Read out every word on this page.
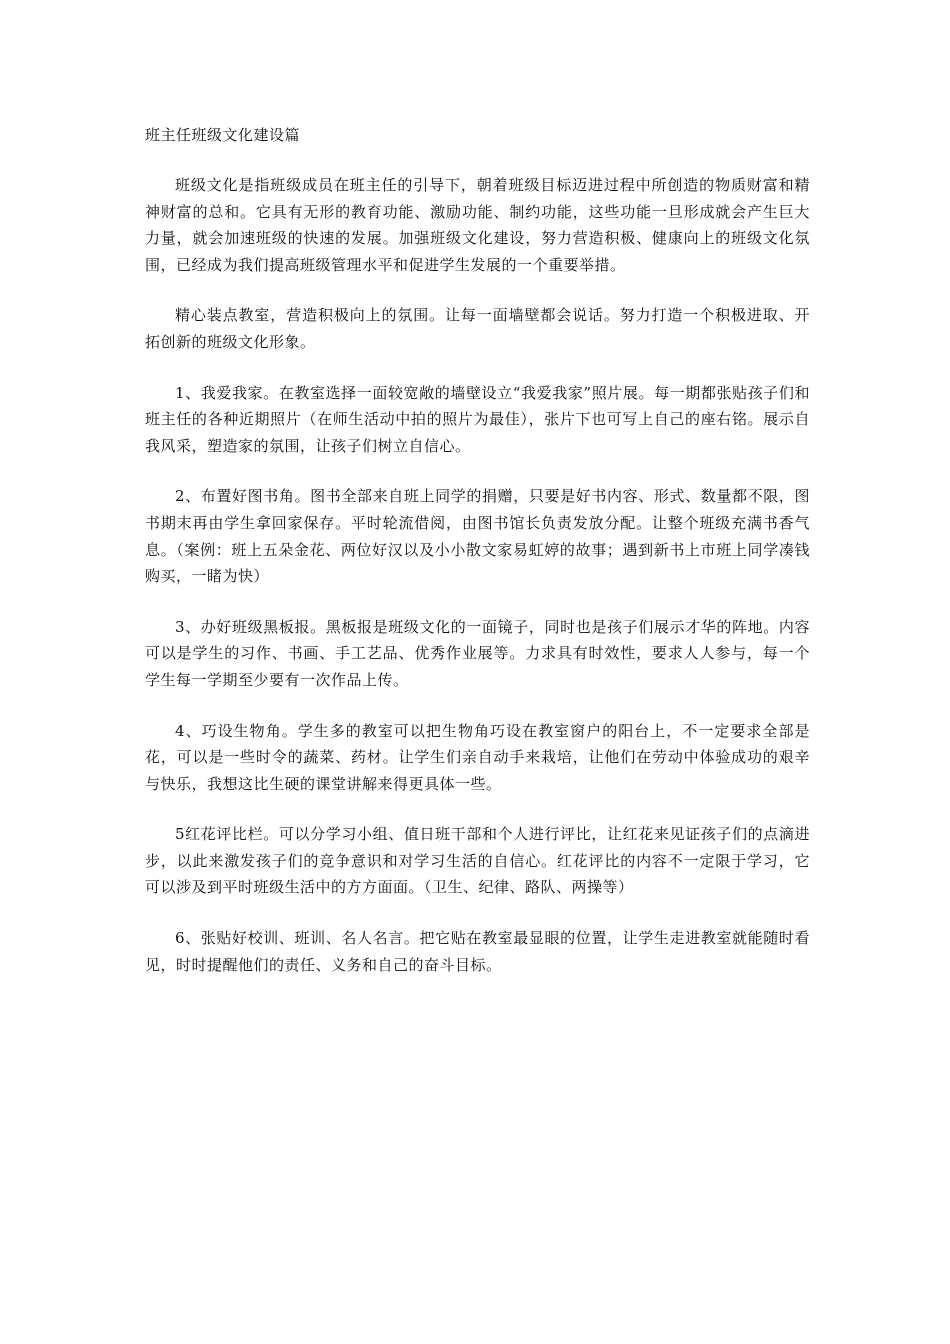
班主任班级文化建设篇

班级文化是指班级成员在班主任的引导下，朝着班级目标迈进过程中所创造的物质财富和精神财富的总和。它具有无形的教育功能、激励功能、制约功能，这些功能一旦形成就会产生巨大力量，就会加速班级的快速的发展。加强班级文化建设，努力营造积极、健康向上的班级文化氛围，已经成为我们提高班级管理水平和促进学生发展的一个重要举措。

精心装点教室，营造积极向上的氛围。让每一面墙壁都会说话。努力打造一个积极进取、开拓创新的班级文化形象。

1、我爱我家。在教室选择一面较宽敞的墙壁设立“我爱我家”照片展。每一期都张贴孩子们和班主任的各种近期照片（在师生活动中拍的照片为最佳），张片下也可写上自己的座右铭。展示自我风采，塑造家的氛围，让孩子们树立自信心。

2、布置好图书角。图书全部来自班上同学的捐赠，只要是好书内容、形式、数量都不限，图书期末再由学生拿回家保存。平时轮流借阅，由图书馆长负责发放分配。让整个班级充满书香气息。（案例：班上五朵金花、两位好汉以及小小散文家易虹婷的故事；遇到新书上市班上同学凑钱购买，一睹为快）

3、办好班级黑板报。黑板报是班级文化的一面镜子，同时也是孩子们展示才华的阵地。内容可以是学生的习作、书画、手工艺品、优秀作业展等。力求具有时效性，要求人人参与，每一个学生每一学期至少要有一次作品上传。

4、巧设生物角。学生多的教室可以把生物角巧设在教室窗户的阳台上，不一定要求全部是花，可以是一些时令的蔬菜、药材。让学生们亲自动手来栽培，让他们在劳动中体验成功的艰辛与快乐，我想这比生硬的课堂讲解来得更具体一些。

5红花评比栏。可以分学习小组、值日班干部和个人进行评比，让红花来见证孩子们的点滴进步，以此来激发孩子们的竞争意识和对学习生活的自信心。红花评比的内容不一定限于学习，它可以涉及到平时班级生活中的方方面面。（卫生、纪律、路队、两操等）

6、张贴好校训、班训、名人名言。把它贴在教室最显眼的位置，让学生走进教室就能随时看见，时时提醒他们的责任、义务和自己的奋斗目标。
